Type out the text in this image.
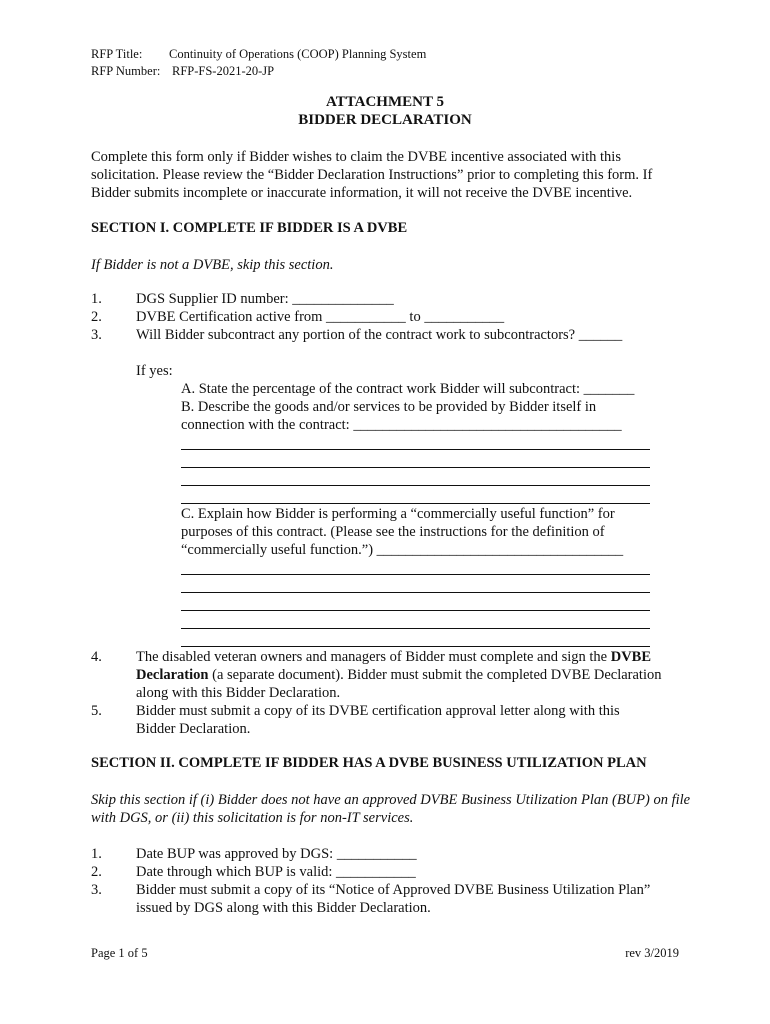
RFP Title: Continuity of Operations (COOP) Planning System
RFP Number: RFP-FS-2021-20-JP
ATTACHMENT 5
BIDDER DECLARATION
Complete this form only if Bidder wishes to claim the DVBE incentive associated with this solicitation. Please review the “Bidder Declaration Instructions” prior to completing this form. If Bidder submits incomplete or inaccurate information, it will not receive the DVBE incentive.
SECTION I. COMPLETE IF BIDDER IS A DVBE
If Bidder is not a DVBE, skip this section.
1. DGS Supplier ID number: ______________
2. DVBE Certification active from ___________ to ___________
3. Will Bidder subcontract any portion of the contract work to subcontractors? ______
If yes:
A. State the percentage of the contract work Bidder will subcontract: _______
B. Describe the goods and/or services to be provided by Bidder itself in
connection with the contract: _____________________________________
C. Explain how Bidder is performing a “commercially useful function” for
purposes of this contract. (Please see the instructions for the definition of
“commercially useful function.”) __________________________________
4. The disabled veteran owners and managers of Bidder must complete and sign the DVBE Declaration (a separate document). Bidder must submit the completed DVBE Declaration along with this Bidder Declaration.
5. Bidder must submit a copy of its DVBE certification approval letter along with this Bidder Declaration.
SECTION II. COMPLETE IF BIDDER HAS A DVBE BUSINESS UTILIZATION PLAN
Skip this section if (i) Bidder does not have an approved DVBE Business Utilization Plan (BUP) on file with DGS, or (ii) this solicitation is for non-IT services.
1. Date BUP was approved by DGS: ___________
2. Date through which BUP is valid: ___________
3. Bidder must submit a copy of its “Notice of Approved DVBE Business Utilization Plan” issued by DGS along with this Bidder Declaration.
Page 1 of 5	rev 3/2019
